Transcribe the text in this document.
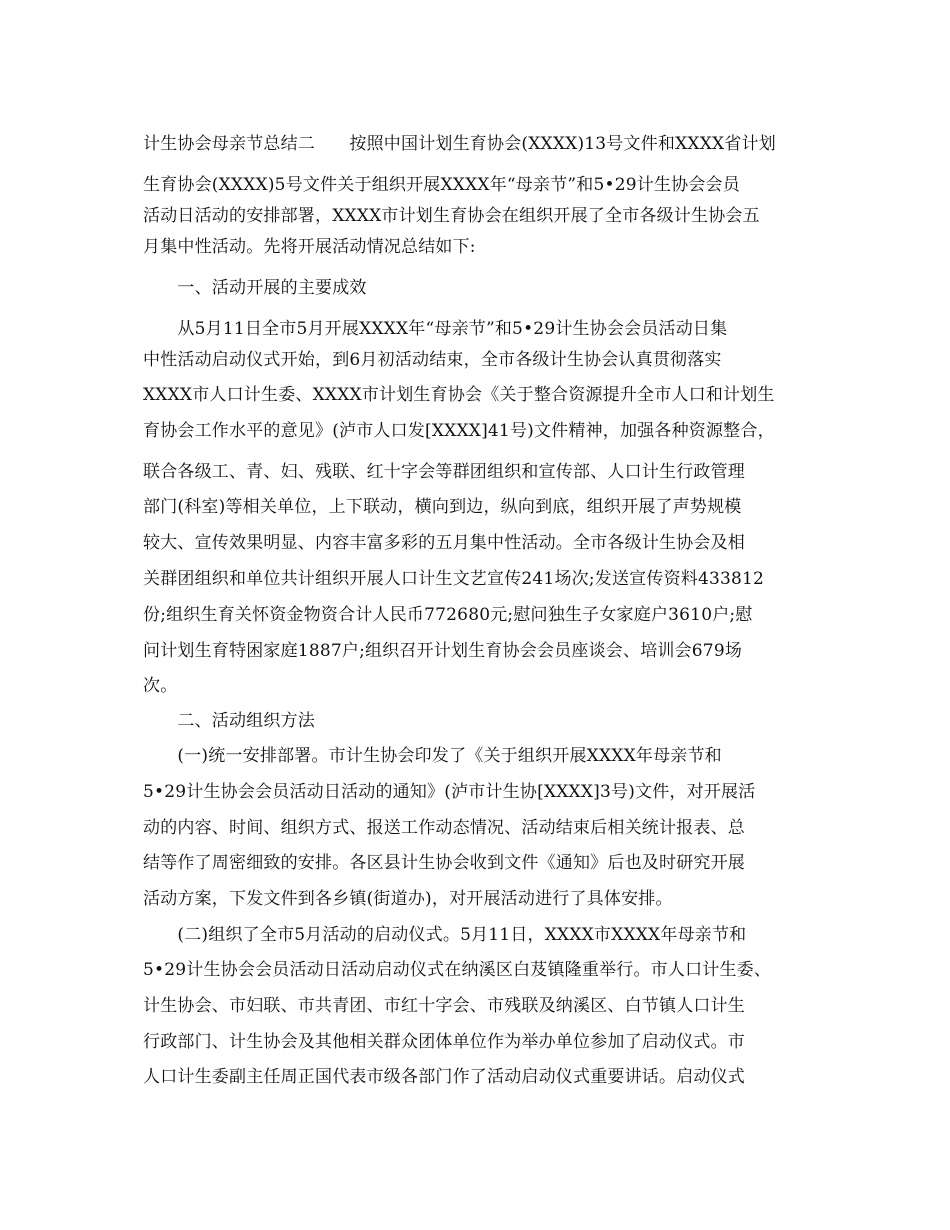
计生协会母亲节总结二　　按照中国计划生育协会(XXXX)13号文件和XXXX省计划
生育协会(XXXX)5号文件关于组织开展XXXX年“母亲节”和5•29计生协会会员
活动日活动的安排部署，XXXX市计划生育协会在组织开展了全市各级计生协会五
月集中性活动。先将开展活动情况总结如下:
　　一、活动开展的主要成效
　　从5月11日全市5月开展XXXX年“母亲节”和5•29计生协会会员活动日集
中性活动启动仪式开始，到6月初活动结束，全市各级计生协会认真贯彻落实
XXXX市人口计生委、XXXX市计划生育协会《关于整合资源提升全市人口和计划生
育协会工作水平的意见》(泸市人口发[XXXX]41号)文件精神，加强各种资源整合，
联合各级工、青、妇、残联、红十字会等群团组织和宣传部、人口计生行政管理
部门(科室)等相关单位，上下联动，横向到边，纵向到底，组织开展了声势规模
较大、宣传效果明显、内容丰富多彩的五月集中性活动。全市各级计生协会及相
关群团组织和单位共计组织开展人口计生文艺宣传241场次;发送宣传资料433812
份;组织生育关怀资金物资合计人民币772680元;慰问独生子女家庭户3610户;慰
问计划生育特困家庭1887户;组织召开计划生育协会会员座谈会、培训会679场
次。
　　二、活动组织方法
　　(一)统一安排部署。市计生协会印发了《关于组织开展XXXX年母亲节和
5•29计生协会会员活动日活动的通知》(泸市计生协[XXXX]3号)文件，对开展活
动的内容、时间、组织方式、报送工作动态情况、活动结束后相关统计报表、总
结等作了周密细致的安排。各区县计生协会收到文件《通知》后也及时研究开展
活动方案，下发文件到各乡镇(街道办)，对开展活动进行了具体安排。
　　(二)组织了全市5月活动的启动仪式。5月11日，XXXX市XXXX年母亲节和
5•29计生协会会员活动日活动启动仪式在纳溪区白芨镇隆重举行。市人口计生委、
计生协会、市妇联、市共青团、市红十字会、市残联及纳溪区、白节镇人口计生
行政部门、计生协会及其他相关群众团体单位作为举办单位参加了启动仪式。市
人口计生委副主任周正国代表市级各部门作了活动启动仪式重要讲话。启动仪式
